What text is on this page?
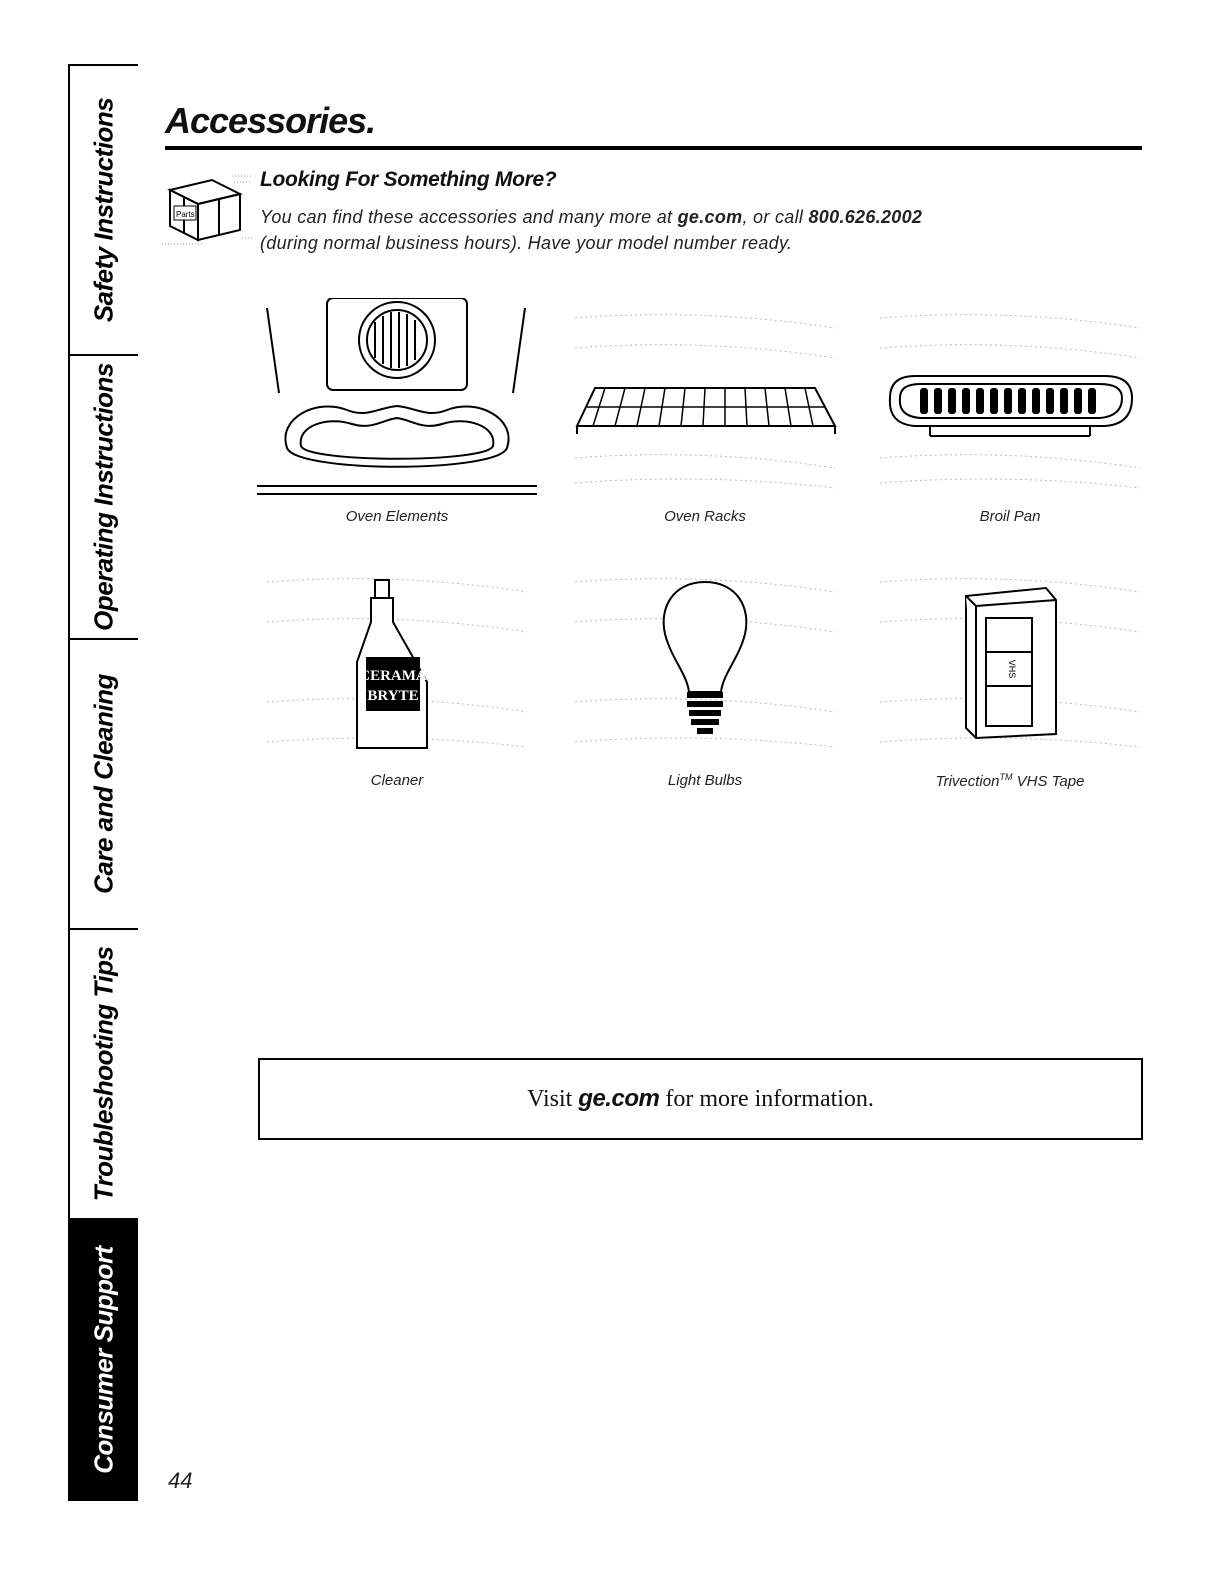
Safety Instructions
Operating Instructions
Care and Cleaning
Troubleshooting Tips
Consumer Support
Accessories.
Parts
Looking For Something More?
You can find these accessories and many more at ge.com, or call 800.626.2002
(during normal business hours). Have your model number ready.
Oven Elements	Oven Racks	Broil Pan
CERAMA
BRYTE
Cleaner	Light Bulbs
VHS
Trivection™ VHS Tape
Visit ge.com for more information.
44
